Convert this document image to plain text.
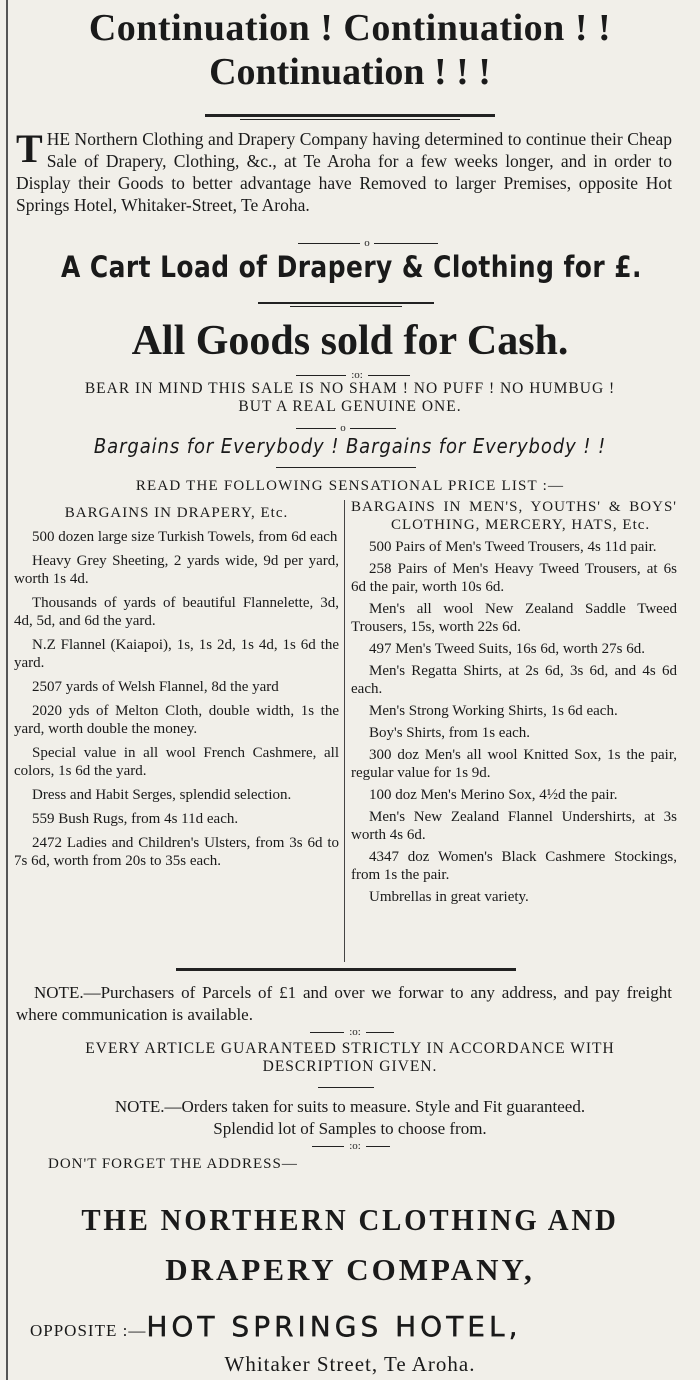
Continuation ! Continuation ! !
Continuation ! ! !
T HE Northern Clothing and Drapery Company having determined to continue their Cheap Sale of Drapery, Clothing, &c., at Te Aroha for a few weeks longer, and in order to Display their Goods to better advantage have Removed to larger Premises, opposite Hot Springs Hotel, Whitaker-Street, Te Aroha.
o
A Cart Load of Drapery & Clothing for £.
All Goods sold for Cash.
:o:
BEAR IN MIND THIS SALE IS NO SHAM ! NO PUFF ! NO HUMBUG !
BUT A REAL GENUINE ONE.
o
Bargains for Everybody ! Bargains for Everybody ! !
READ THE FOLLOWING SENSATIONAL PRICE LIST :—
BARGAINS IN DRAPERY, Etc.
500 dozen large size Turkish Towels, from 6d each
Heavy Grey Sheeting, 2 yards wide, 9d per yard, worth 1s 4d.
Thousands of yards of beautiful Flannelette, 3d, 4d, 5d, and 6d the yard.
N.Z Flannel (Kaiapoi), 1s, 1s 2d, 1s 4d, 1s 6d the yard.
2507 yards of Welsh Flannel, 8d the yard
2020 yds of Melton Cloth, double width, 1s the yard, worth double the money.
Special value in all wool French Cashmere, all colors, 1s 6d the yard.
Dress and Habit Serges, splendid selection.
559 Bush Rugs, from 4s 11d each.
2472 Ladies and Children's Ulsters, from 3s 6d to 7s 6d, worth from 20s to 35s each.
BARGAINS IN MEN'S, YOUTHS' & BOYS' CLOTHING, MERCERY, HATS, Etc.
500 Pairs of Men's Tweed Trousers, 4s 11d pair.
258 Pairs of Men's Heavy Tweed Trousers, at 6s 6d the pair, worth 10s 6d.
Men's all wool New Zealand Saddle Tweed Trousers, 15s, worth 22s 6d.
497 Men's Tweed Suits, 16s 6d, worth 27s 6d.
Men's Regatta Shirts, at 2s 6d, 3s 6d, and 4s 6d each.
Men's Strong Working Shirts, 1s 6d each.
Boy's Shirts, from 1s each.
300 doz Men's all wool Knitted Sox, 1s the pair, regular value for 1s 9d.
100 doz Men's Merino Sox, 4½d the pair.
Men's New Zealand Flannel Undershirts, at 3s worth 4s 6d.
4347 doz Women's Black Cashmere Stockings, from 1s the pair.
Umbrellas in great variety.
NOTE.—Purchasers of Parcels of £1 and over we forwar to any address, and pay freight where communication is available.
:o:
EVERY ARTICLE GUARANTEED STRICTLY IN ACCORDANCE WITH
DESCRIPTION GIVEN.
NOTE.—Orders taken for suits to measure. Style and Fit guaranteed.
Splendid lot of Samples to choose from.
:o:
DON'T FORGET THE ADDRESS—
THE NORTHERN CLOTHING AND
DRAPERY COMPANY,
OPPOSITE :—HOT SPRINGS HOTEL,
Whitaker Street, Te Aroha.
